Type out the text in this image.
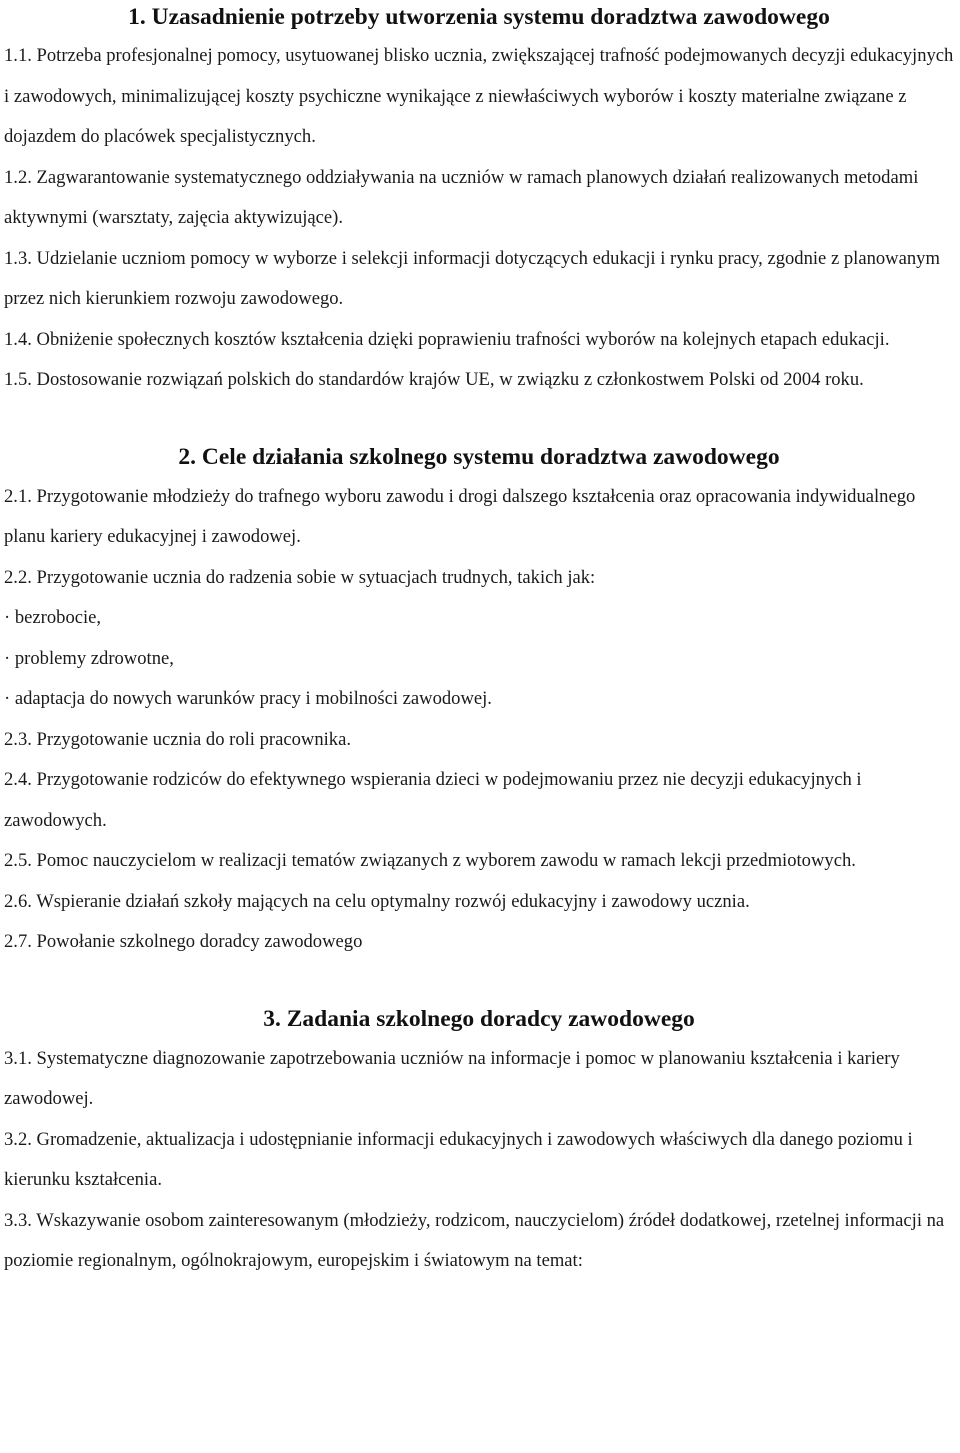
1. Uzasadnienie potrzeby utworzenia systemu doradztwa zawodowego

1.1. Potrzeba profesjonalnej pomocy, usytuowanej blisko ucznia, zwiększającej trafność podejmowanych decyzji edukacyjnych i zawodowych, minimalizującej koszty psychiczne wynikające z niewłaściwych wyborów i koszty materialne związane z dojazdem do placówek specjalistycznych.

1.2. Zagwarantowanie systematycznego oddziaływania na uczniów w ramach planowych działań realizowanych metodami aktywnymi (warsztaty, zajęcia aktywizujące).

1.3. Udzielanie uczniom pomocy w wyborze i selekcji informacji dotyczących edukacji i rynku pracy, zgodnie z planowanym przez nich kierunkiem rozwoju zawodowego.

1.4. Obniżenie społecznych kosztów kształcenia dzięki poprawieniu trafności wyborów na kolejnych etapach edukacji.

1.5. Dostosowanie rozwiązań polskich do standardów krajów UE, w związku z członkostwem Polski od 2004 roku.

2. Cele działania szkolnego systemu doradztwa zawodowego

2.1. Przygotowanie młodzieży do trafnego wyboru zawodu i drogi dalszego kształcenia oraz opracowania indywidualnego planu kariery edukacyjnej i zawodowej.

2.2. Przygotowanie ucznia do radzenia sobie w sytuacjach trudnych, takich jak:

· bezrobocie,

· problemy zdrowotne,

· adaptacja do nowych warunków pracy i mobilności zawodowej.

2.3. Przygotowanie ucznia do roli pracownika.

2.4. Przygotowanie rodziców do efektywnego wspierania dzieci w podejmowaniu przez nie decyzji edukacyjnych i zawodowych.

2.5. Pomoc nauczycielom w realizacji tematów związanych z wyborem zawodu w ramach lekcji przedmiotowych.

2.6. Wspieranie działań szkoły mających na celu optymalny rozwój edukacyjny i zawodowy ucznia.

2.7. Powołanie szkolnego doradcy zawodowego

3. Zadania szkolnego doradcy zawodowego

3.1. Systematyczne diagnozowanie zapotrzebowania uczniów na informacje i pomoc w planowaniu kształcenia i kariery zawodowej.

3.2. Gromadzenie, aktualizacja i udostępnianie informacji edukacyjnych i zawodowych właściwych dla danego poziomu i kierunku kształcenia.

3.3. Wskazywanie osobom zainteresowanym (młodzieży, rodzicom, nauczycielom) źródeł dodatkowej, rzetelnej informacji na poziomie regionalnym, ogólnokrajowym, europejskim i światowym na temat:
